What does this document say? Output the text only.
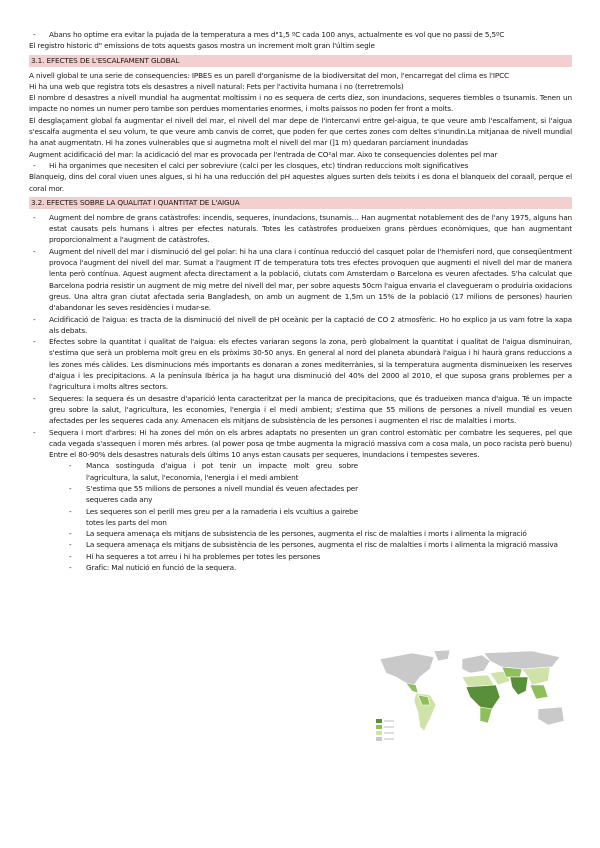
- Abans ho optime era evitar la pujada de la temperatura a mes d"1,5 ºC cada 100 anys, actualmente es vol que no passi de 5,5ºC

El registro historic d" emissions de tots aquests gasos mostra un increment molt gran l'últim segle

3.1. EFECTES DE L'ESCALFAMENT GLOBAL

A nivell global te una serie de consequencies: IPBES es un parell d'organisme de la biodiversitat del mon, l'encarregat del clima es l'IPCC

Hi ha una web que registra tots els desastres a nivell natural: Fets per l'activita humana i no (terretremols)

El nombre d desastres a nivell mundial ha augmentat moltissim i no es sequera de certs diez, son inundacions, sequeres tiembles o tsunamis. Tenen un impacte no nomes un numer pero tambe son perdues momentaries enormes, i molts paissos no poden fer front a molts.

El desglaçament global fa augmentar el nivell del mar, el nivell del mar depe de l'intercanvi entre gel-aigua, te que veure amb l'escalfament, si l'aigua s'escalfa augmenta el seu volum, te que veure amb canvis de corret, que poden fer que certes zones com deltes s'inundin.La mitjanaa de nivell mundial ha anat augmentatn. Hi ha zones vulnerables que si augmetna molt el nivell del mar (]1 m) quedaran parciament inundadas

Augment acidificació del mar: la acidicació del mar es provocada per l'entrada de CO²al mar. Aixo te consequencies dolentes pel mar

- Hi ha organimes que necesiten el calci per sobreviure (calci per les closques, etc) tindran reduccions molt significatives

Blanqueig, dins del coral viuen unes algues, si hi ha una reducción del pH aquestes algues surten dels teixits i es dona el blanqueix del coraall, perque el coral mor.

3.2. EFECTES SOBRE LA QUALITAT I QUANTITAT DE L'AIGUA
- Augment del nombre de grans catàstrofes: incendis, sequeres, inundacions, tsunamis… Han augmentat notablement des de l'any 1975, alguns han estat causats pels humans i altres per efectes naturals. Totes les catàstrofes produeixen grans pèrdues econòmiques, que han augmentant proporcionalment a l'augment de catàstrofes.
- Augment del nivell del mar i disminució del gel polar: hi ha una clara i contínua reducció del casquet polar de l'hemisferi nord, que conseqüentment provoca l'augment del nivell del mar. Sumat a l'augment IT de temperatura tots tres efectes provoquen que augmenti el nivell del mar de manera lenta però contínua. Aquest augment afecta directament a la població, ciutats com Amsterdam o Barcelona es veuren afectades. S'ha calculat que Barcelona podria resistir un augment de mig metre del nivell del mar, per sobre aquests 50cm l'aigua envaria el clavegueram o produiria oxidacions greus. Una altra gran ciutat afectada seria Bangladesh, on amb un augment de 1,5m un 15% de la població (17 milions de persones) haurien d'abandonar les seves residències i mudar-se.
- Acidificació de l'aigua: es tracta de la disminució del nivell de pH oceànic per la captació de CO 2 atmosfèric. Ho ho explico ja us vam fotre la xapa als debats.
- Efectes sobre la quantitat i qualitat de l'aigua: els efectes variaran segons la zona, però globalment la quantitat i qualitat de l'aigua disminuiran, s'estima que serà un problema molt greu en els pròxims 30-50 anys. En general al nord del planeta abundarà l'aigua i hi haurà grans reduccions a les zones més càlides. Les disminucions més importants es donaran a zones mediterrànies, si la temperatura augmenta disminueixen les reserves d'aigua i les precipitacions. A la península Ibèrica ja ha hagut una disminució del 40% del 2000 al 2010, el que suposa grans problemes per a l'agricultura i molts altres sectors.
- Sequeres: la sequera és un desastre d'aparició lenta caracteritzat per la manca de precipitacions, que és tradueixen manca d'aigua. Té un impacte greu sobre la salut, l'agricultura, les economies, l'energia i el medi ambient; s'estima que 55 milions de persones a nivell mundial es veuen afectades per les sequeres cada any. Amenacen els mitjans de subsistència de les persones i augmenten el risc de malalties i morts.
- Sequera i mort d'arbres: Hi ha zones del món on els arbres adaptats no presenten un gran control estomàtic per combatre les sequeres, pel que cada vegada s'assequen i moren més arbres. (al power posa qe tmbe augmenta la migració massiva com a cosa mala, un poco racista però buenu) Entre el 80-90% dels desastres naturals dels últims 10 anys estan causats per sequeres, inundacions i tempestes severes.
- Manca sostinguda d'aigua i pot tenir un impacte molt greu sobre l'agricultura, la salut, l'economia, l'energia i el medi ambient
- S'estima que 55 milions de persones a nivell mundial és veuen afectades per sequeres cada any
- Les sequeres son el perill mes greu per a la ramaderia i els vcultius a gairebe totes les parts del mon
- La sequera amenaça els mitjans de subsistencia de les persones, augmenta el risc de malalties i morts i alimenta la migració
- La sequera amenaça els mitjans de subsistència de les persones, augmenta el risc de malalties i morts i alimenta la migració massiva
- Hi ha sequeres a tot arreu i hi ha problemes per totes les persones
- Grafic: Mal nutició en funció de la sequera.
